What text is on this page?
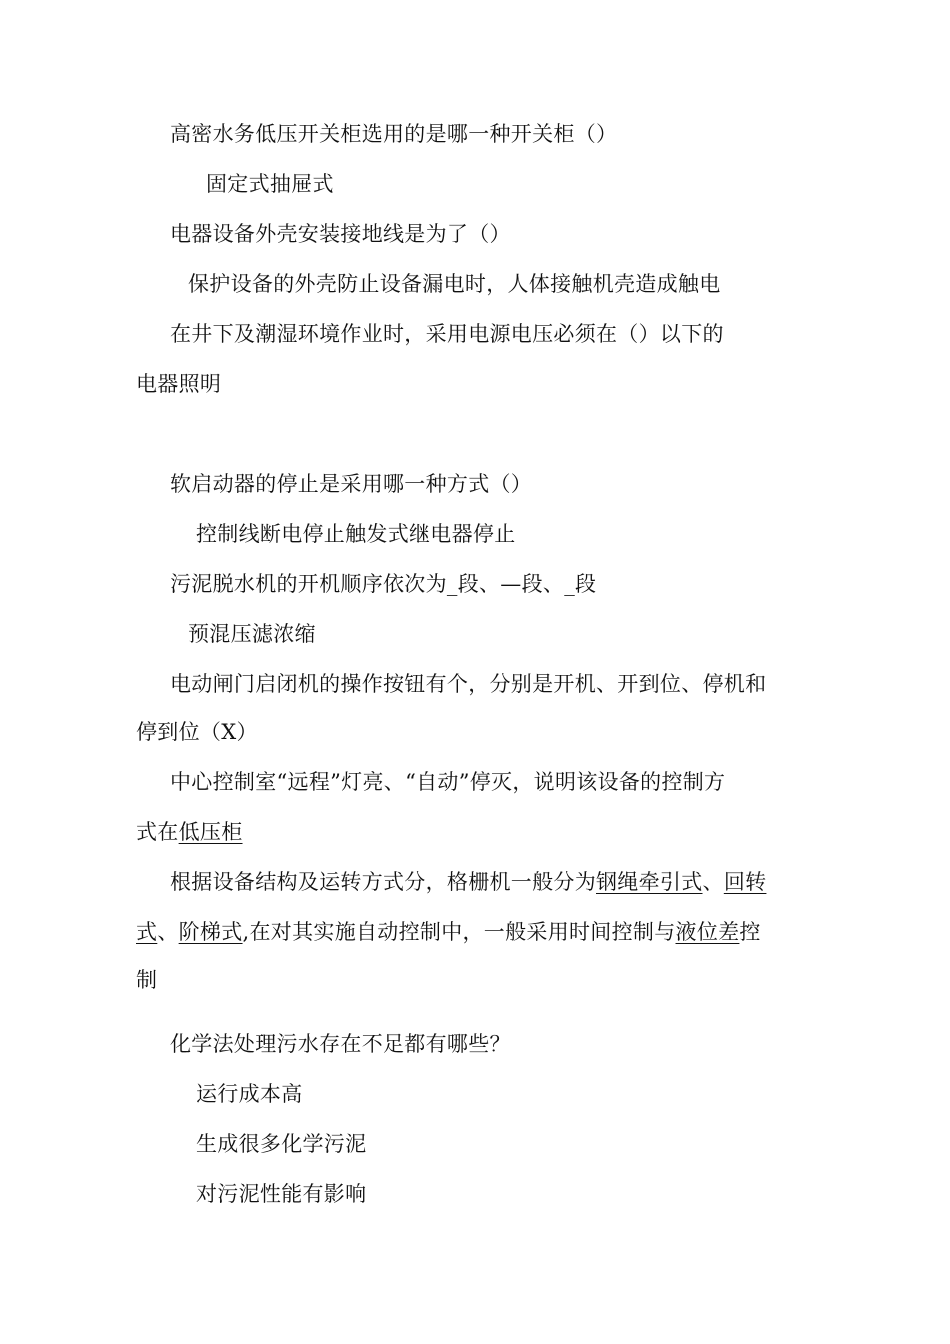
高密水务低压开关柜选用的是哪一种开关柜（）
固定式抽屉式
电器设备外壳安装接地线是为了（）
保护设备的外壳防止设备漏电时，人体接触机壳造成触电
在井下及潮湿环境作业时，采用电源电压必须在（）以下的
电器照明
软启动器的停止是采用哪一种方式（）
控制线断电停止触发式继电器停止
污泥脱水机的开机顺序依次为_段、—段、_段
预混压滤浓缩
电动闸门启闭机的操作按钮有个，分别是开机、开到位、停机和
停到位（X）
中心控制室“远程”灯亮、“自动”停灭，说明该设备的控制方
式在低压柜
根据设备结构及运转方式分，格栅机一般分为钢绳牵引式、回转
式、阶梯式,在对其实施自动控制中，一般采用时间控制与液位差控
制
化学法处理污水存在不足都有哪些？
运行成本高
生成很多化学污泥
对污泥性能有影响
